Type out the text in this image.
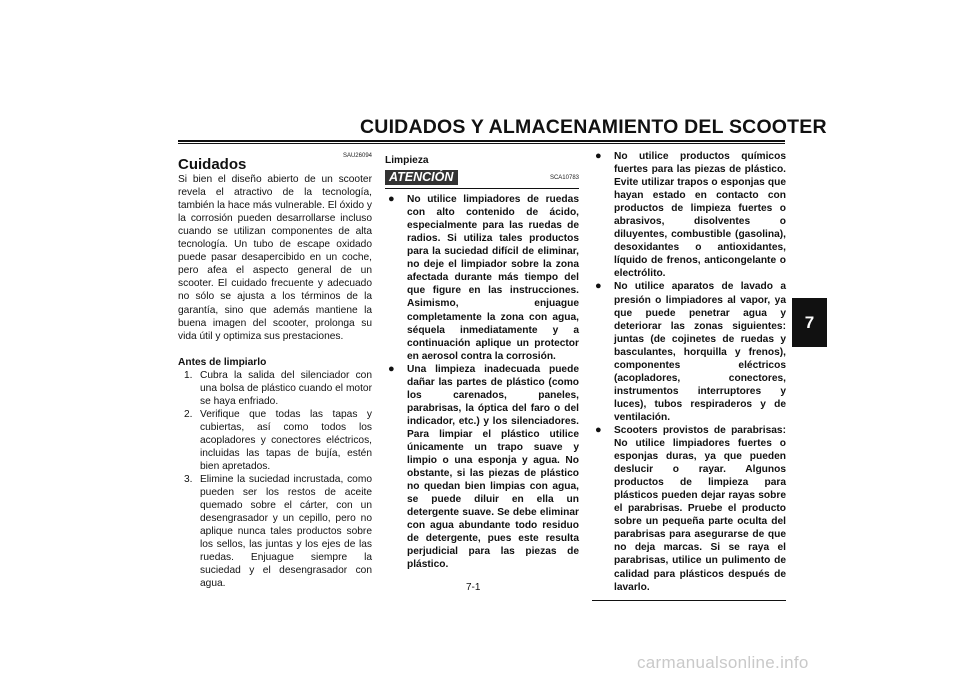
CUIDADOS Y ALMACENAMIENTO DEL SCOOTER
SAU26094
Cuidados

Si bien el diseño abierto de un scooter revela el atractivo de la tecnología, también la hace más vulnerable. El óxido y la corrosión pueden desarrollarse incluso cuando se utilizan componentes de alta tecnología. Un tubo de escape oxidado puede pasar desapercibido en un coche, pero afea el aspecto general de un scooter. El cuidado frecuente y adecuado no sólo se ajusta a los términos de la garantía, sino que además mantiene la buena imagen del scooter, prolonga su vida útil y optimiza sus prestaciones.

Antes de limpiarlo
1. Cubra la salida del silenciador con una bolsa de plástico cuando el motor se haya enfriado.
2. Verifique que todas las tapas y cubiertas, así como todos los acopladores y conectores eléctricos, incluidas las tapas de bujía, estén bien apretados.
3. Elimine la suciedad incrustada, como pueden ser los restos de aceite quemado sobre el cárter, con un desengrasador y un cepillo, pero no aplique nunca tales productos sobre los sellos, las juntas y los ejes de las ruedas. Enjuague siempre la suciedad y el desengrasador con agua.
Limpieza
ATENCIÓN	SCA10783
● No utilice limpiadores de ruedas con alto contenido de ácido, especialmente para las ruedas de radios. Si utiliza tales productos para la suciedad difícil de eliminar, no deje el limpiador sobre la zona afectada durante más tiempo del que figure en las instrucciones. Asimismo, enjuague completamente la zona con agua, séquela inmediatamente y a continuación aplique un protector en aerosol contra la corrosión.
● Una limpieza inadecuada puede dañar las partes de plástico (como los carenados, paneles, parabrisas, la óptica del faro o del indicador, etc.) y los silenciadores. Para limpiar el plástico utilice únicamente un trapo suave y limpio o una esponja y agua. No obstante, si las piezas de plástico no quedan bien limpias con agua, se puede diluir en ella un detergente suave. Se debe eliminar con agua abundante todo residuo de detergente, pues este resulta perjudicial para las piezas de plástico.
● No utilice productos químicos fuertes para las piezas de plástico. Evite utilizar trapos o esponjas que hayan estado en contacto con productos de limpieza fuertes o abrasivos, disolventes o diluyentes, combustible (gasolina), desoxidantes o antioxidantes, líquido de frenos, anticongelante o electrólito.
● No utilice aparatos de lavado a presión o limpiadores al vapor, ya que puede penetrar agua y deteriorar las zonas siguientes: juntas (de cojinetes de ruedas y basculantes, horquilla y frenos), componentes eléctricos (acopladores, conectores, instrumentos interruptores y luces), tubos respiraderos y de ventilación.
● Scooters provistos de parabrisas: No utilice limpiadores fuertes o esponjas duras, ya que pueden deslucir o rayar. Algunos productos de limpieza para plásticos pueden dejar rayas sobre el parabrisas. Pruebe el producto sobre un pequeña parte oculta del parabrisas para asegurarse de que no deja marcas. Si se raya el parabrisas, utilice un pulimento de calidad para plásticos después de lavarlo.
7-1
7
carmanualsonline.info
